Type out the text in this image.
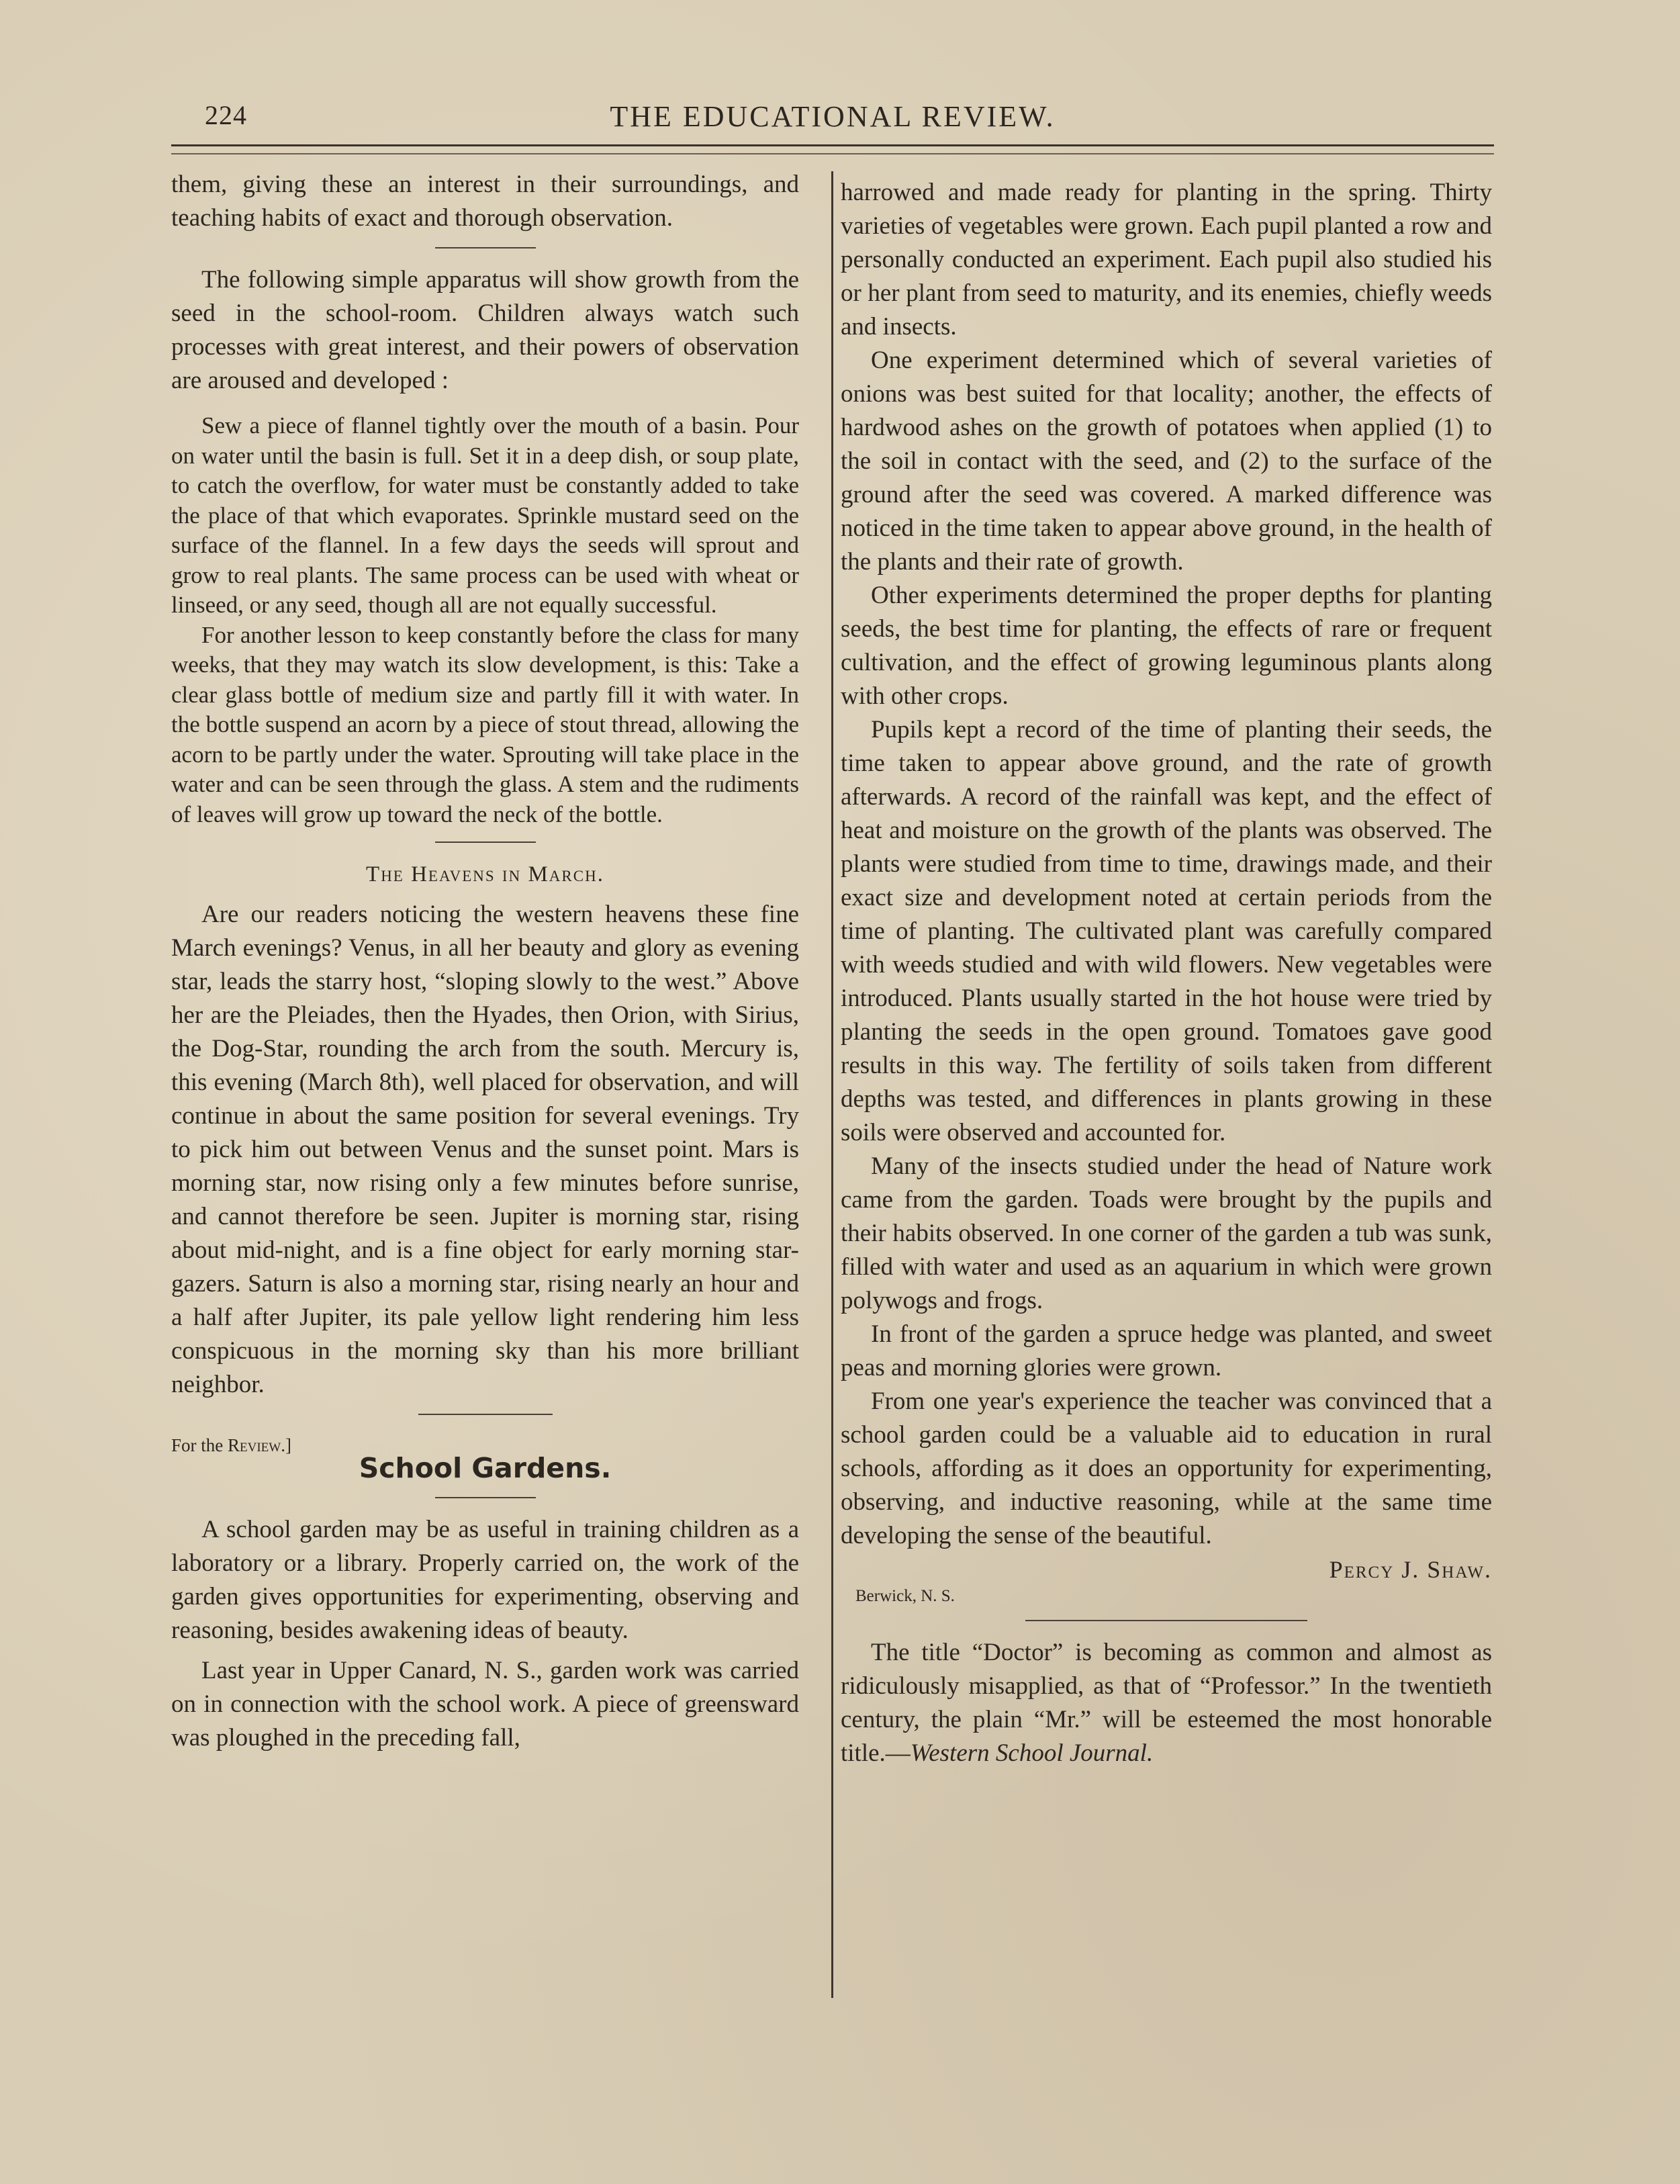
224	THE EDUCATIONAL REVIEW.

them, giving these an interest in their surroundings, and teaching habits of exact and thorough observation.

The following simple apparatus will show growth from the seed in the school-room. Children always watch such processes with great interest, and their powers of observation are aroused and developed :

Sew a piece of flannel tightly over the mouth of a basin. Pour on water until the basin is full. Set it in a deep dish, or soup plate, to catch the overflow, for water must be constantly added to take the place of that which evaporates. Sprinkle mustard seed on the surface of the flannel. In a few days the seeds will sprout and grow to real plants. The same process can be used with wheat or linseed, or any seed, though all are not equally successful.

For another lesson to keep constantly before the class for many weeks, that they may watch its slow development, is this: Take a clear glass bottle of medium size and partly fill it with water. In the bottle suspend an acorn by a piece of stout thread, allowing the acorn to be partly under the water. Sprouting will take place in the water and can be seen through the glass. A stem and the rudiments of leaves will grow up toward the neck of the bottle.

The Heavens in March.

Are our readers noticing the western heavens these fine March evenings? Venus, in all her beauty and glory as evening star, leads the starry host, “sloping slowly to the west.” Above her are the Pleiades, then the Hyades, then Orion, with Sirius, the Dog-Star, rounding the arch from the south. Mercury is, this evening (March 8th), well placed for observation, and will continue in about the same position for several evenings. Try to pick him out between Venus and the sunset point. Mars is morning star, now rising only a few minutes before sunrise, and cannot therefore be seen. Jupiter is morning star, rising about mid-night, and is a fine object for early morning star-gazers. Saturn is also a morning star, rising nearly an hour and a half after Jupiter, its pale yellow light rendering him less conspicuous in the morning sky than his more brilliant neighbor.

For the Review.]
School Gardens.

A school garden may be as useful in training children as a laboratory or a library. Properly carried on, the work of the garden gives opportunities for experimenting, observing and reasoning, besides awakening ideas of beauty.

Last year in Upper Canard, N. S., garden work was carried on in connection with the school work. A piece of greensward was ploughed in the preceding fall,

harrowed and made ready for planting in the spring. Thirty varieties of vegetables were grown. Each pupil planted a row and personally conducted an experiment. Each pupil also studied his or her plant from seed to maturity, and its enemies, chiefly weeds and insects.

One experiment determined which of several varieties of onions was best suited for that locality; another, the effects of hardwood ashes on the growth of potatoes when applied (1) to the soil in contact with the seed, and (2) to the surface of the ground after the seed was covered. A marked difference was noticed in the time taken to appear above ground, in the health of the plants and their rate of growth.

Other experiments determined the proper depths for planting seeds, the best time for planting, the effects of rare or frequent cultivation, and the effect of growing leguminous plants along with other crops.

Pupils kept a record of the time of planting their seeds, the time taken to appear above ground, and the rate of growth afterwards. A record of the rainfall was kept, and the effect of heat and moisture on the growth of the plants was observed. The plants were studied from time to time, drawings made, and their exact size and development noted at certain periods from the time of planting. The cultivated plant was carefully compared with weeds studied and with wild flowers. New vegetables were introduced. Plants usually started in the hot house were tried by planting the seeds in the open ground. Tomatoes gave good results in this way. The fertility of soils taken from different depths was tested, and differences in plants growing in these soils were observed and accounted for.

Many of the insects studied under the head of Nature work came from the garden. Toads were brought by the pupils and their habits observed. In one corner of the garden a tub was sunk, filled with water and used as an aquarium in which were grown polywogs and frogs.

In front of the garden a spruce hedge was planted, and sweet peas and morning glories were grown.

From one year's experience the teacher was convinced that a school garden could be a valuable aid to education in rural schools, affording as it does an opportunity for experimenting, observing, and inductive reasoning, while at the same time developing the sense of the beautiful.

Percy J. Shaw.
Berwick, N. S.

The title “Doctor” is becoming as common and almost as ridiculously misapplied, as that of “Professor.” In the twentieth century, the plain “Mr.” will be esteemed the most honorable title.—Western School Journal.
